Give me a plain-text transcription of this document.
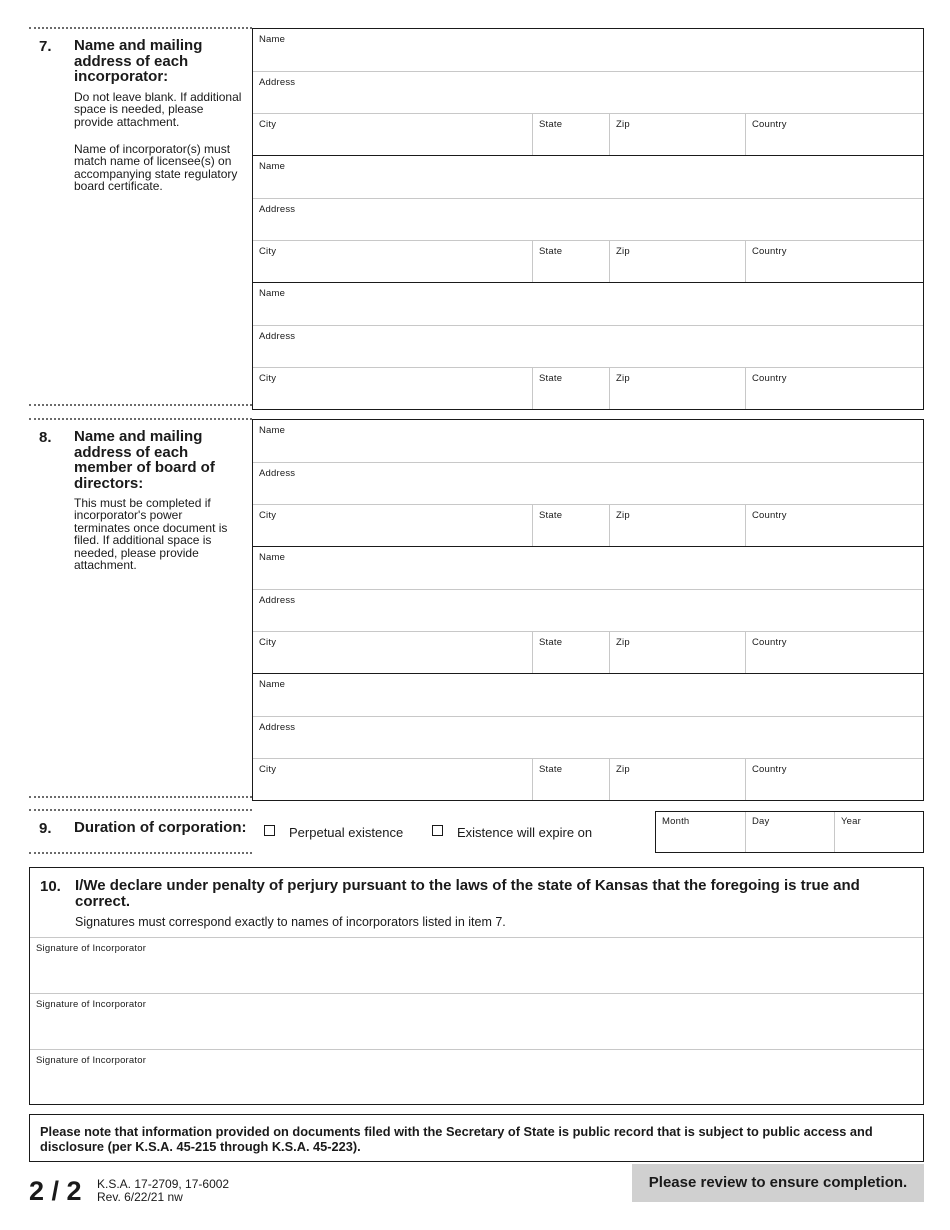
7. Name and mailing address of each incorporator:
Do not leave blank. If additional space is needed, please provide attachment.
Name of incorporator(s) must match name of licensee(s) on accompanying state regulatory board certificate.
Name
Address
City	State	Zip	Country
Name
Address
City	State	Zip	Country
Name
Address
City	State	Zip	Country
8. Name and mailing address of each member of board of directors:
This must be completed if incorporator's power terminates once document is filed. If additional space is needed, please provide attachment.
Name
Address
City	State	Zip	Country
Name
Address
City	State	Zip	Country
Name
Address
City	State	Zip	Country
9. Duration of corporation:	Perpetual existence	Existence will expire on
Month	Day	Year
10. I/We declare under penalty of perjury pursuant to the laws of the state of Kansas that the foregoing is true and correct.
Signatures must correspond exactly to names of incorporators listed in item 7.
Signature of Incorporator
Signature of Incorporator
Signature of Incorporator
Please note that information provided on documents filed with the Secretary of State is public record that is subject to public access and disclosure (per K.S.A. 45-215 through K.S.A. 45-223).
2 / 2 K.S.A. 17-2709, 17-6002
Rev. 6/22/21 nw
Please review to ensure completion.
